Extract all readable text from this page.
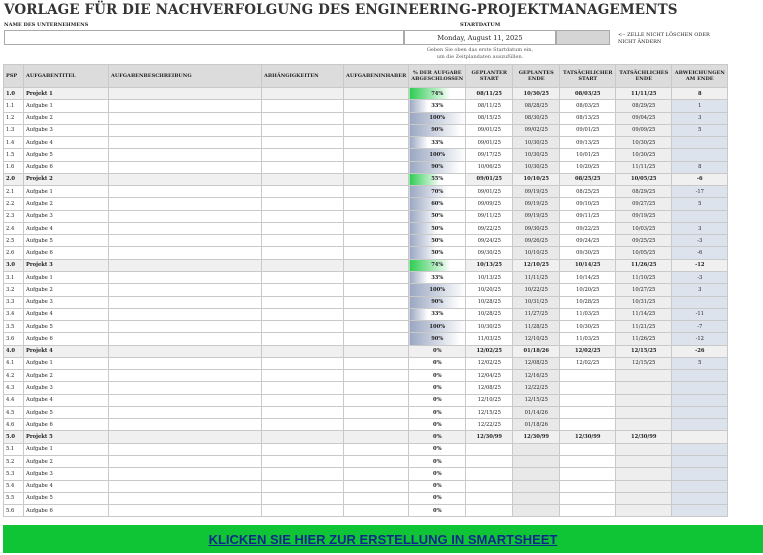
VORLAGE FÜR DIE NACHVERFOLGUNG DES ENGINEERING-PROJEKTMANAGEMENTS
NAME DES UNTERNEHMENS	STARTDATUM
Monday, August 11, 2025	<-- ZELLE NICHT LÖSCHEN ODER
NICHT ÄNDERN
Geben Sie oben das erste Startdatum ein,
um die Zeitplandaten auszufüllen.
PSP	AUFGABENTITEL	AUFGABENBESCHREIBUNG	ABHÄNGIGKEITEN	AUFGABENINHABER	% DER AUFGABE ABGESCHLOSSEN	GEPLANTER START	GEPLANTES ENDE	TATSÄCHLICHER START	TATSÄCHLICHES ENDE	ABWEICHUNGEN AM ENDE
1.0	Projekt 1				74%	08/11/25	10/30/25	08/03/25	11/11/25	8
1.1	Aufgabe 1				33%	08/11/25	08/28/25	08/03/25	08/29/25	1
1.2	Aufgabe 2				100%	08/15/25	08/30/25	08/13/25	09/04/25	3
1.3	Aufgabe 3				90%	09/01/25	09/02/25	09/01/25	09/09/25	5
1.4	Aufgabe 4				33%	09/01/25	10/30/25	09/13/25	10/30/25	
1.5	Aufgabe 5				100%	09/17/25	10/30/25	10/01/25	10/30/25	
1.6	Aufgabe 6				90%	10/06/25	10/30/25	10/20/25	11/11/25	8
2.0	Projekt 2				55%	09/01/25	10/10/25	08/25/25	10/05/25	-6
2.1	Aufgabe 1				70%	09/01/25	09/19/25	08/25/25	08/29/25	-17
2.2	Aufgabe 2				60%	09/09/25	09/19/25	09/10/25	09/27/25	5
2.3	Aufgabe 3				50%	09/11/25	09/19/25	09/11/25	09/19/25	
2.4	Aufgabe 4				50%	09/22/25	09/30/25	09/22/25	10/03/25	3
2.5	Aufgabe 5				50%	09/24/25	09/26/25	09/24/25	09/25/25	-3
2.6	Aufgabe 6				50%	09/30/25	10/10/25	09/30/25	10/05/25	-6
3.0	Projekt 3				74%	10/13/25	12/10/25	10/14/25	11/26/25	-12
3.1	Aufgabe 1				33%	10/13/25	11/11/25	10/14/25	11/10/25	-3
3.2	Aufgabe 2				100%	10/20/25	10/22/25	10/20/25	10/27/25	3
3.3	Aufgabe 3				90%	10/28/25	10/31/25	10/28/25	10/31/25	
3.4	Aufgabe 4				33%	10/28/25	11/27/25	11/03/25	11/14/25	-11
3.5	Aufgabe 5				100%	10/30/25	11/28/25	10/30/25	11/21/25	-7
3.6	Aufgabe 6				90%	11/03/25	12/10/25	11/03/25	11/26/25	-12
4.0	Projekt 4				0%	12/02/25	01/18/26	12/02/25	12/15/25	-26
4.1	Aufgabe 1				0%	12/02/25	12/08/25	12/02/25	12/15/25	5
4.2	Aufgabe 2				0%	12/04/25	12/16/25			
4.3	Aufgabe 3				0%	12/08/25	12/22/25			
4.4	Aufgabe 4				0%	12/10/25	12/15/25			
4.5	Aufgabe 5				0%	12/15/25	01/14/26			
4.6	Aufgabe 6				0%	12/22/25	01/18/26			
5.0	Projekt 5				0%	12/30/99	12/30/99	12/30/99	12/30/99	
5.1	Aufgabe 1				0%					
5.2	Aufgabe 2				0%					
5.3	Aufgabe 3				0%					
5.4	Aufgabe 4				0%					
5.5	Aufgabe 5				0%					
5.6	Aufgabe 6				0%					
KLICKEN SIE HIER ZUR ERSTELLUNG IN SMARTSHEET
